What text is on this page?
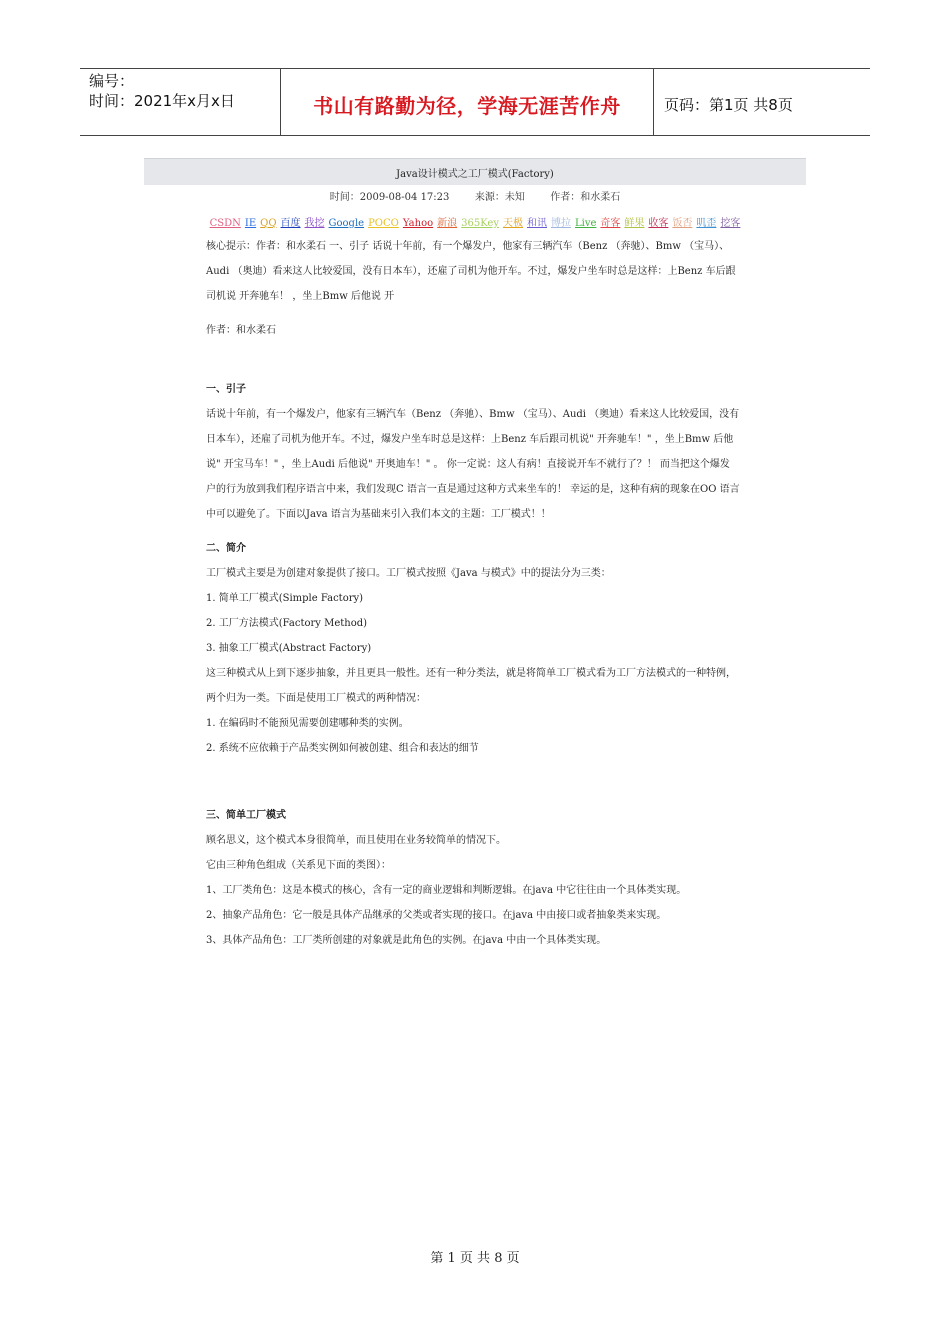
编号：
时间：2021年x月x日	书山有路勤为径，学海无涯苦作舟	页码：第1页 共8页
Java设计模式之工厂模式(Factory)
时间：2009-08-04 17:23        来源：未知        作者：和水柔石
CSDN IE QQ 百度 我挖 Google POCO Yahoo 新浪 365Key 天极 和讯 博拉 Live 奇客 鲜果 收客 饭否 叽歪 挖客
核心提示：作者：和水柔石 一、引子 话说十年前，有一个爆发户，他家有三辆汽车（Benz （奔驰）、Bmw （宝马）、
Audi （奥迪）看来这人比较爱国，没有日本车），还雇了司机为他开车。不过，爆发户坐车时总是这样：上Benz 车后跟
司机说 开奔驰车！ ，坐上Bmw 后他说 开
作者：和水柔石
一、引子
话说十年前，有一个爆发户，他家有三辆汽车（Benz （奔驰）、Bmw （宝马）、Audi （奥迪）看来这人比较爱国，没有
日本车），还雇了司机为他开车。不过，爆发户坐车时总是这样：上Benz 车后跟司机说" 开奔驰车！" ，坐上Bmw 后他
说" 开宝马车！" ，坐上Audi 后他说" 开奥迪车！" 。 你一定说：这人有病！直接说开车不就行了？！ 而当把这个爆发
户的行为放到我们程序语言中来，我们发现C 语言一直是通过这种方式来坐车的！ 幸运的是，这种有病的现象在OO 语言
中可以避免了。下面以Java 语言为基础来引入我们本文的主题：工厂模式！！
二、简介
工厂模式主要是为创建对象提供了接口。工厂模式按照《Java 与模式》中的提法分为三类：
1. 简单工厂模式(Simple Factory)
2. 工厂方法模式(Factory Method)
3. 抽象工厂模式(Abstract Factory)
这三种模式从上到下逐步抽象，并且更具一般性。还有一种分类法，就是将简单工厂模式看为工厂方法模式的一种特例，
两个归为一类。下面是使用工厂模式的两种情况：
1. 在编码时不能预见需要创建哪种类的实例。
2. 系统不应依赖于产品类实例如何被创建、组合和表达的细节
三、简单工厂模式
顾名思义，这个模式本身很简单，而且使用在业务较简单的情况下。
它由三种角色组成（关系见下面的类图）：
1、工厂类角色：这是本模式的核心，含有一定的商业逻辑和判断逻辑。在java 中它往往由一个具体类实现。
2、抽象产品角色：它一般是具体产品继承的父类或者实现的接口。在java 中由接口或者抽象类来实现。
3、具体产品角色：工厂类所创建的对象就是此角色的实例。在java 中由一个具体类实现。
第 1 页 共 8 页
